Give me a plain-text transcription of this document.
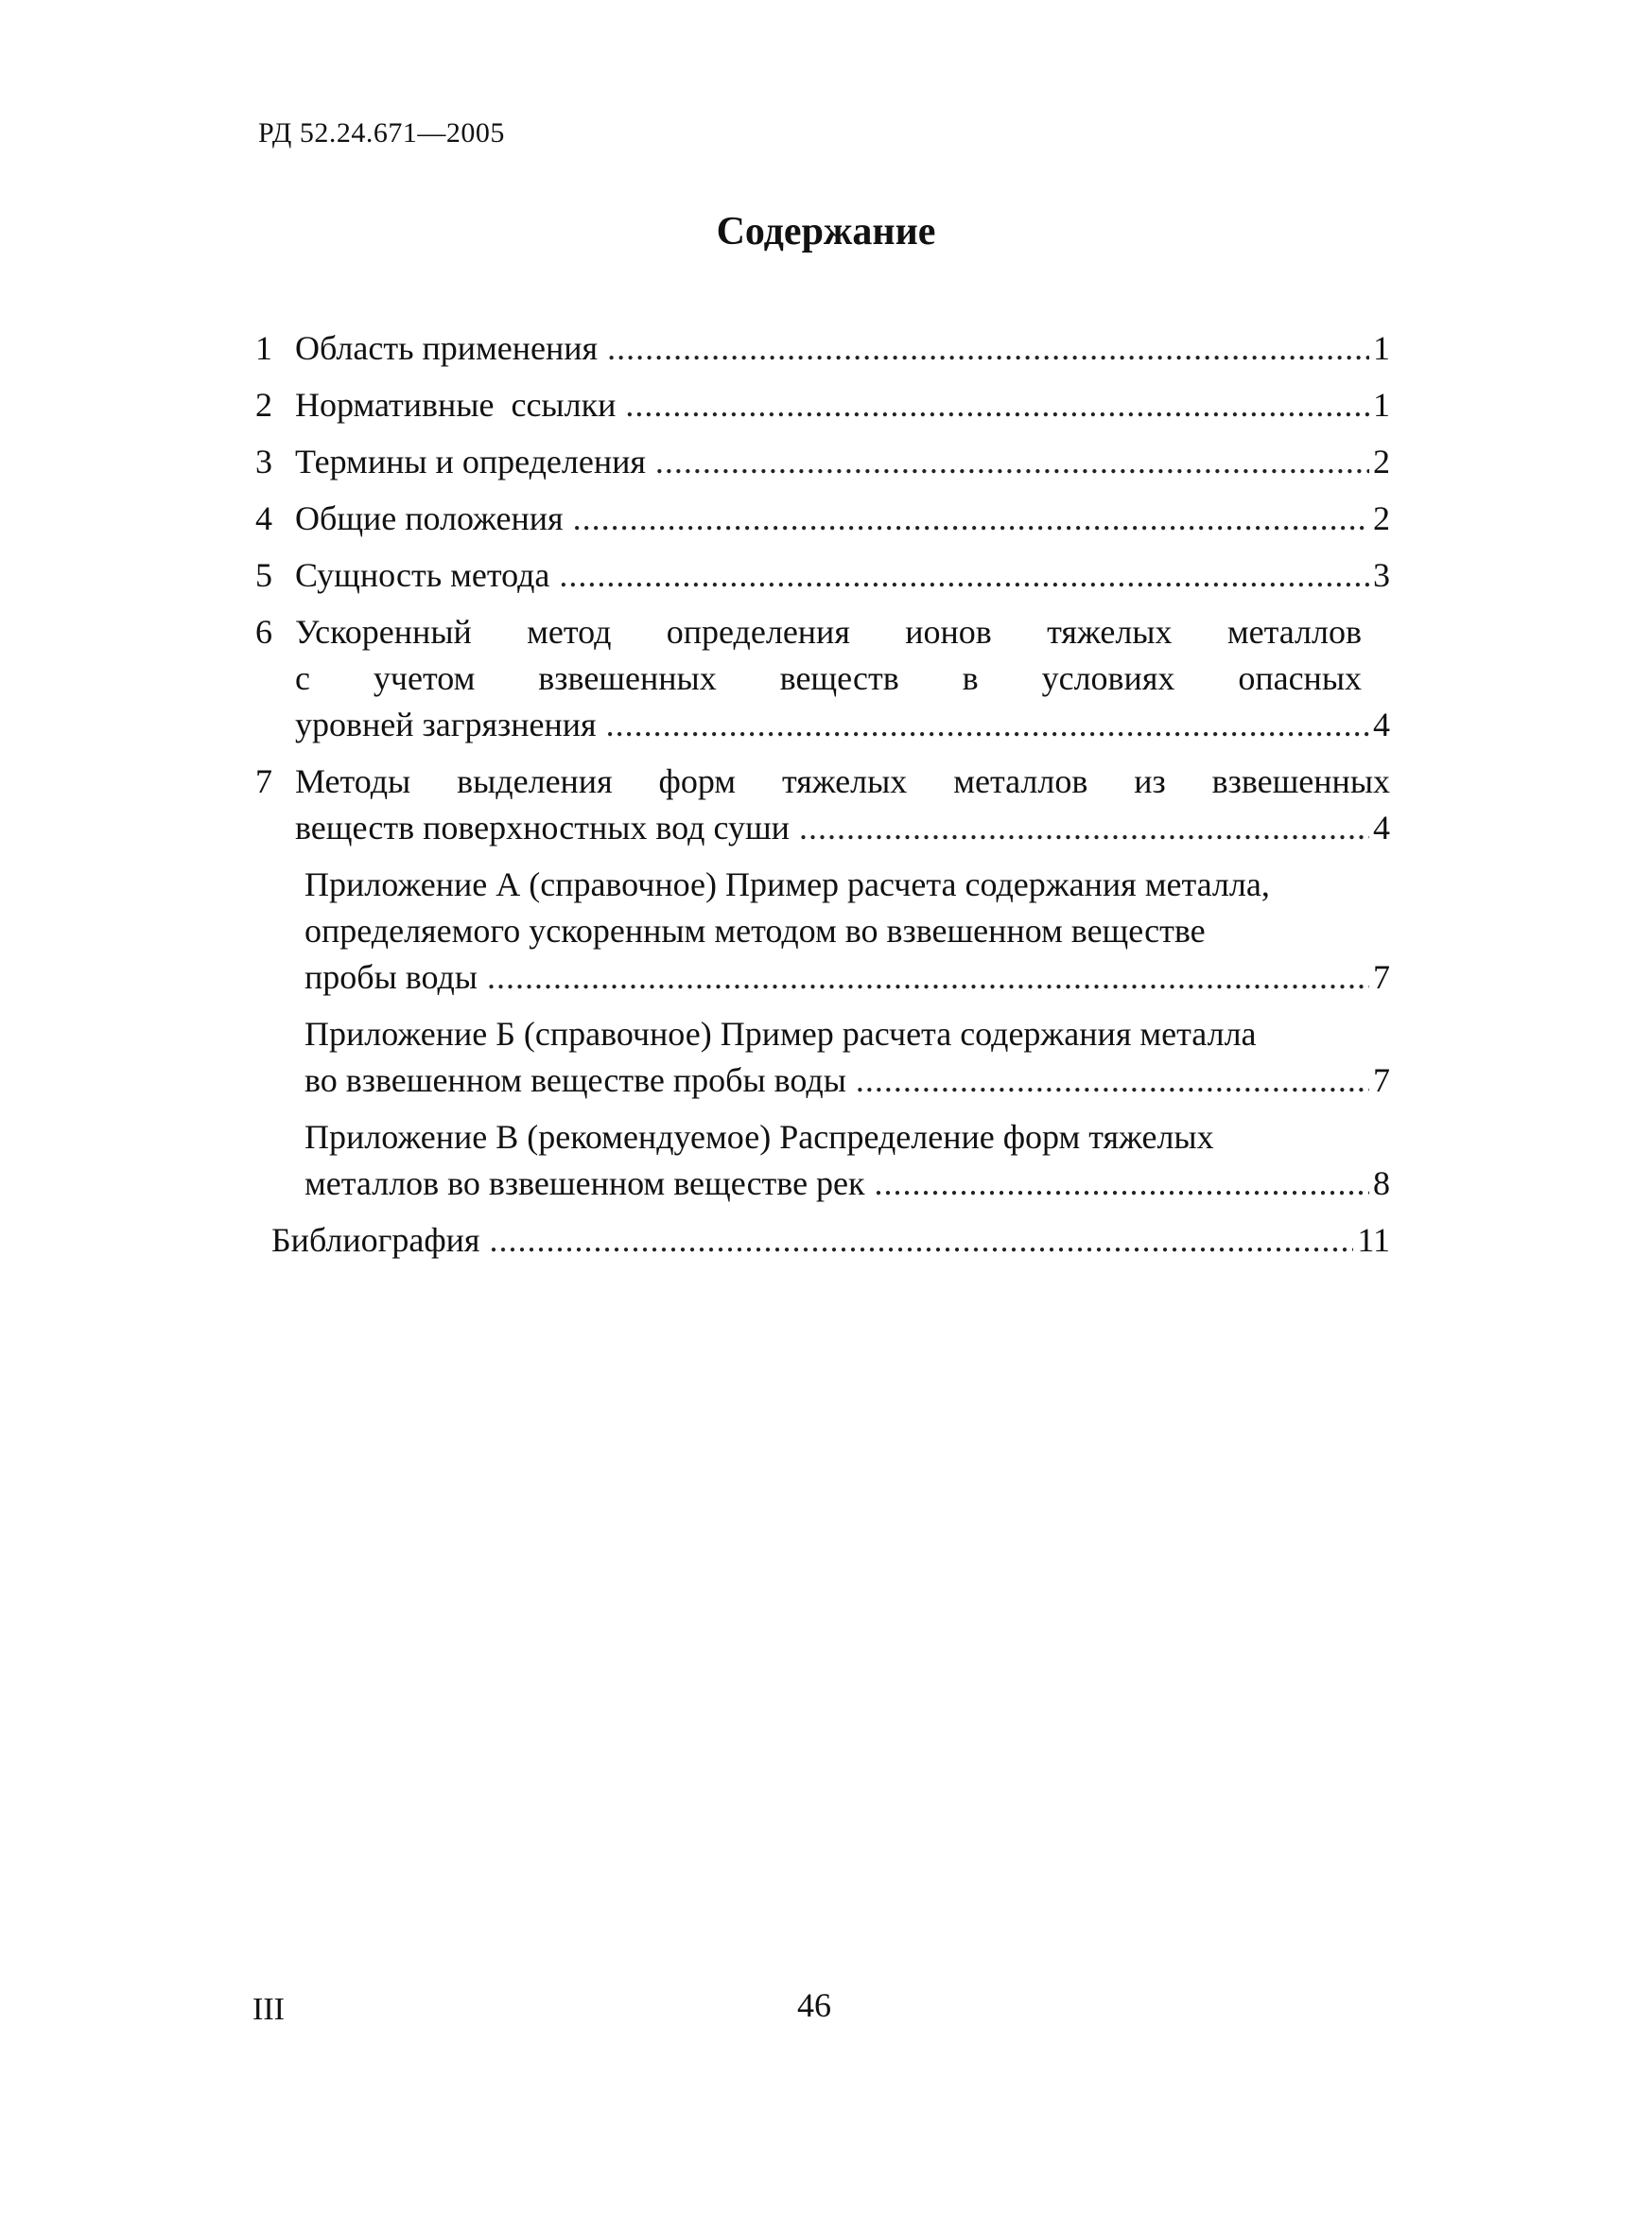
РД 52.24.671—2005
Содержание
1 Область применения .....	1
2 Нормативные  ссылки .....	1
3 Термины и определения .....	2
4 Общие положения .....	2
5 Сущность метода .....	3
6 Ускоренный метод определения ионов тяжелых металлов
с учетом взвешенных веществ в условиях опасных
уровней загрязнения .....	4
7 Методы выделения форм тяжелых металлов из взвешенных
веществ поверхностных вод суши .....	4
Приложение А (справочное) Пример расчета содержания металла,
определяемого ускоренным методом во взвешенном веществе
пробы воды .....	7
Приложение Б (справочное) Пример расчета содержания металла
во взвешенном веществе пробы воды .....	7
Приложение В (рекомендуемое) Распределение форм тяжелых
металлов во взвешенном веществе рек .....	8
Библиография .....	11
III	46
